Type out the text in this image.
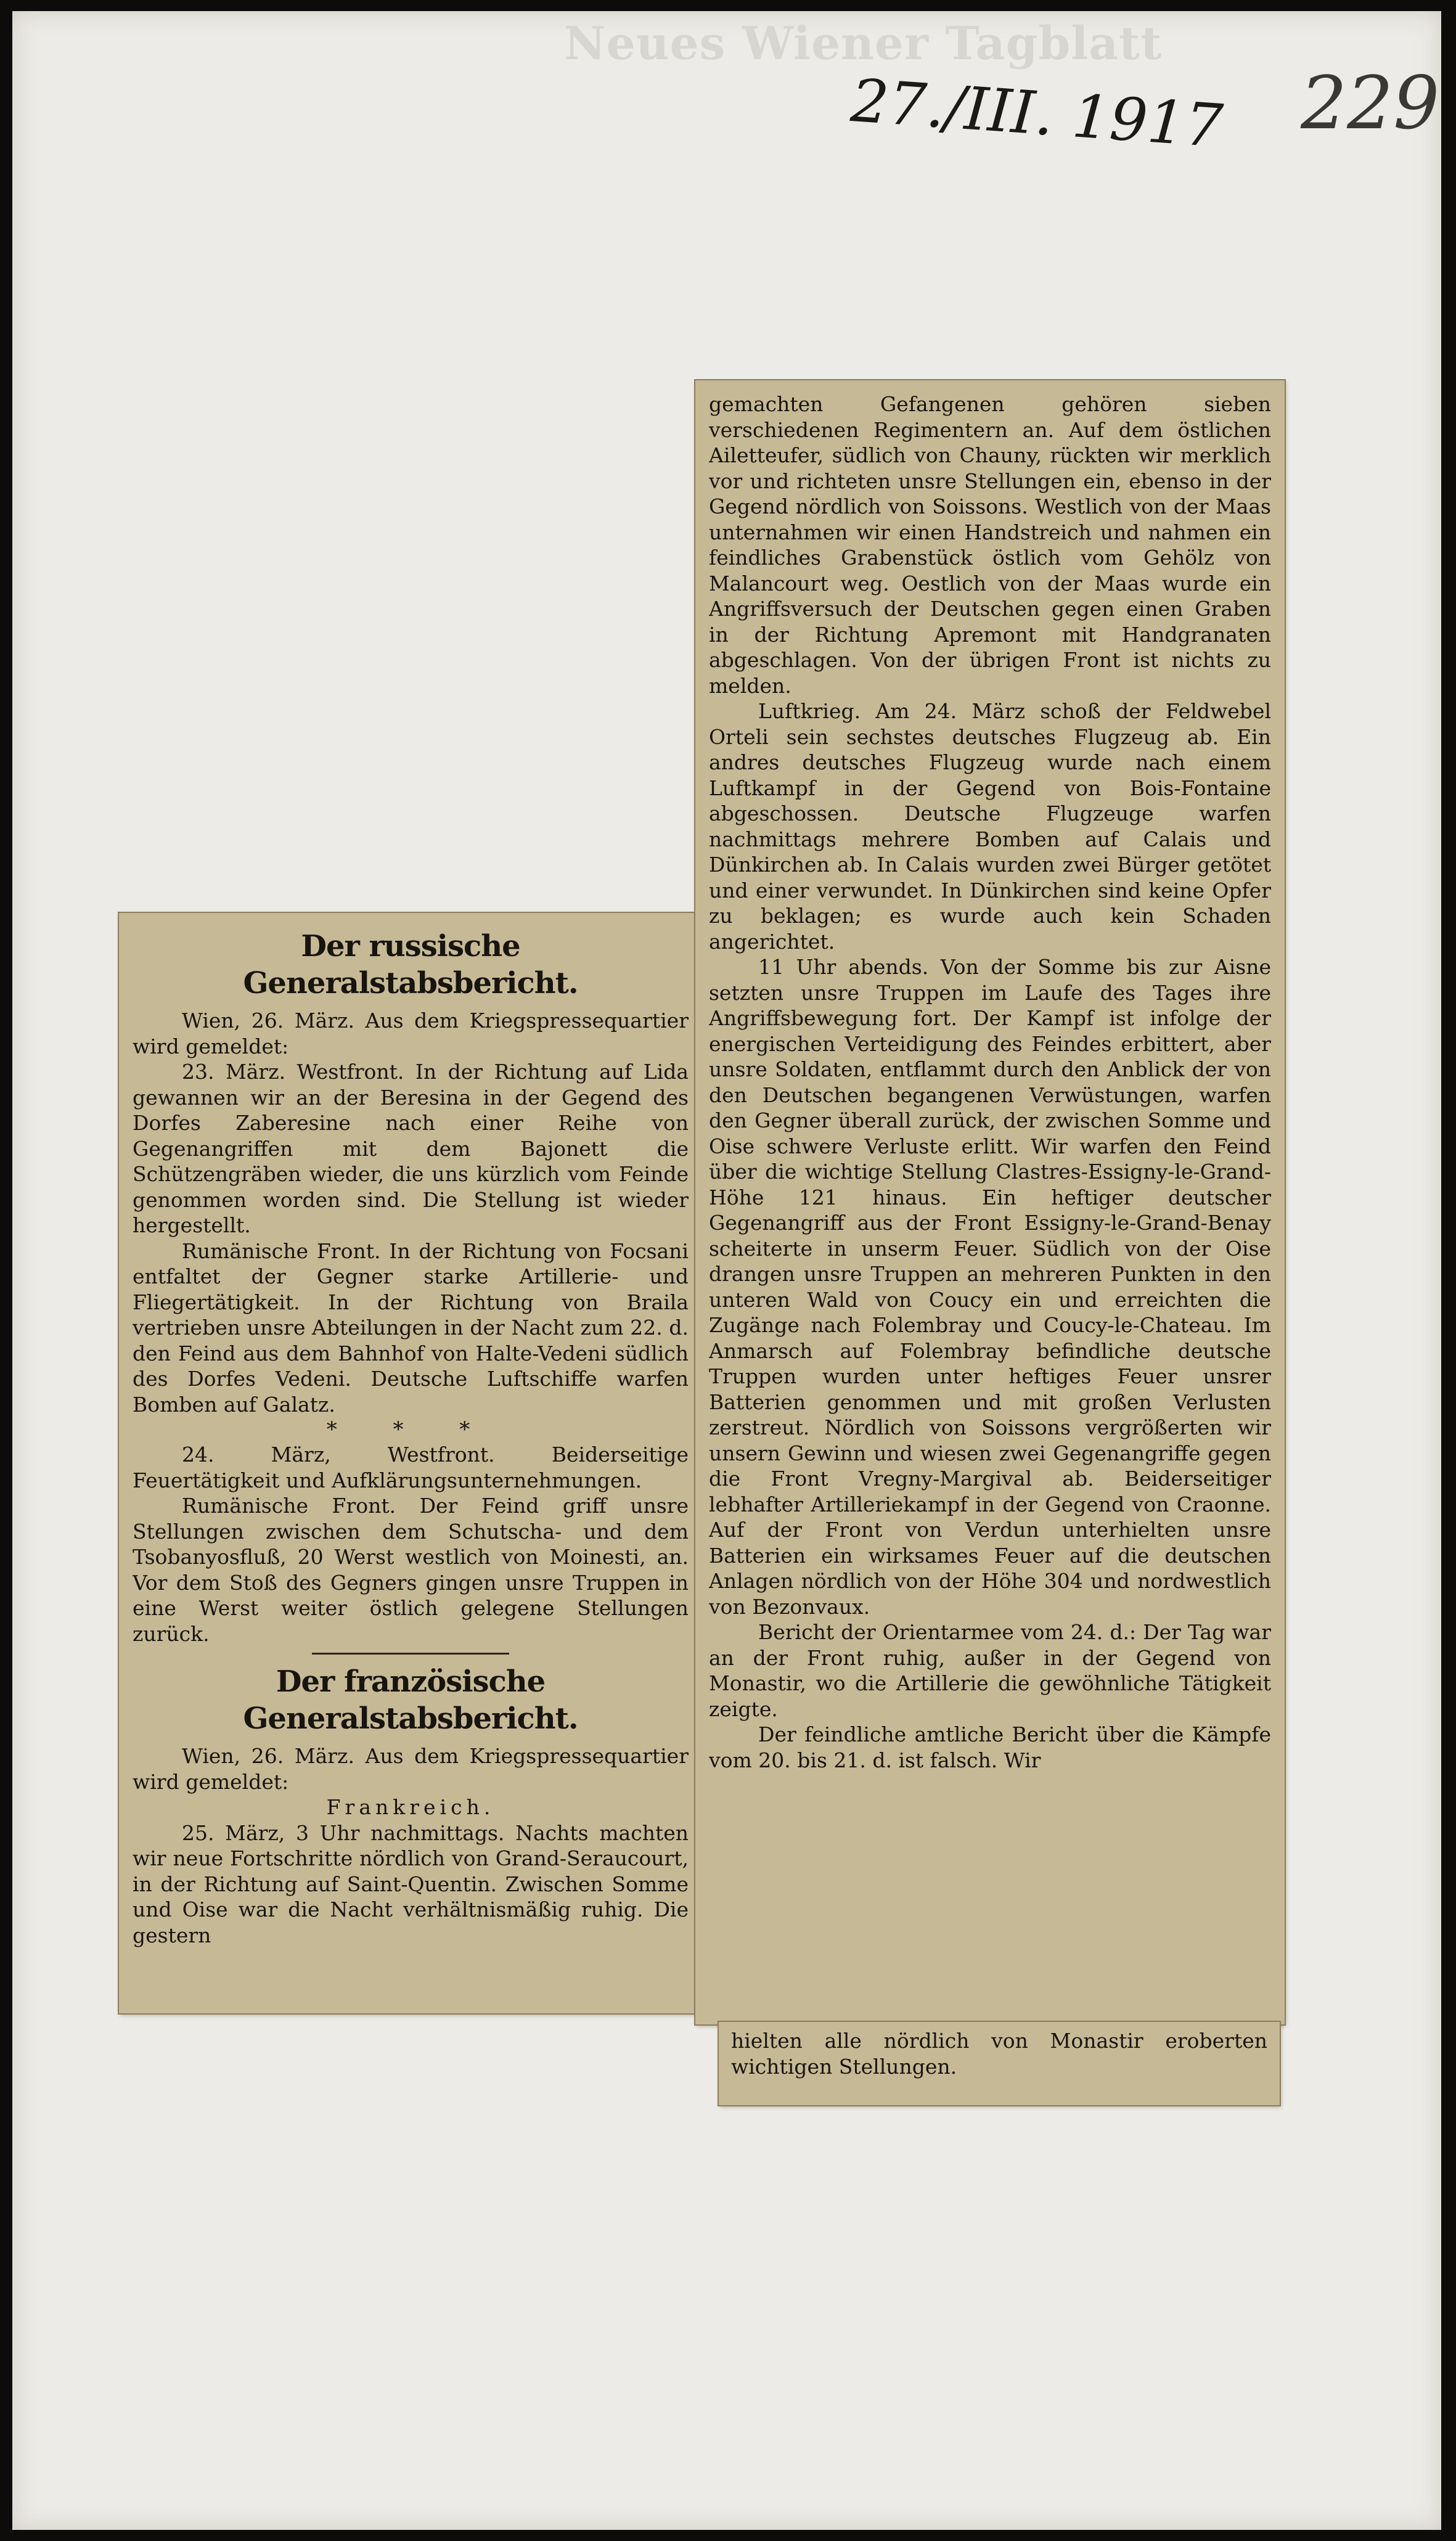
Neues Wiener Tagblatt
27./III. 1917 229
Der russische Generalstabsbericht.

Wien, 26. März. Aus dem Kriegspressequartier wird gemeldet:

23. März. Westfront. In der Richtung auf Lida gewannen wir an der Beresina in der Gegend des Dorfes Zaberesine nach einer Reihe von Gegenangriffen mit dem Bajonett die Schützengräben wieder, die uns kürzlich vom Feinde genommen worden sind. Die Stellung ist wieder hergestellt.

Rumänische Front. In der Richtung von Focsani entfaltet der Gegner starke Artillerie- und Fliegertätigkeit. In der Richtung von Braila vertrieben unsre Abteilungen in der Nacht zum 22. d. den Feind aus dem Bahnhof von Halte-Vedeni südlich des Dorfes Vedeni. Deutsche Luftschiffe warfen Bomben auf Galatz.

* * *

24. März, Westfront. Beiderseitige Feuertätigkeit und Aufklärungsunternehmungen.

Rumänische Front. Der Feind griff unsre Stellungen zwischen dem Schutscha- und dem Tsobanyosfluß, 20 Werst westlich von Moinesti, an. Vor dem Stoß des Gegners gingen unsre Truppen in eine Werst weiter östlich gelegene Stellungen zurück.

Der französische Generalstabsbericht.

Wien, 26. März. Aus dem Kriegspressequartier wird gemeldet:

Frankreich.

25. März, 3 Uhr nachmittags. Nachts machten wir neue Fortschritte nördlich von Grand-Seraucourt, in der Richtung auf Saint-Quentin. Zwischen Somme und Oise war die Nacht verhältnismäßig ruhig. Die gestern

gemachten Gefangenen gehören sieben verschiedenen Regimentern an. Auf dem östlichen Ailetteufer, südlich von Chauny, rückten wir merklich vor und richteten unsre Stellungen ein, ebenso in der Gegend nördlich von Soissons. Westlich von der Maas unternahmen wir einen Handstreich und nahmen ein feindliches Grabenstück östlich vom Gehölz von Malancourt weg. Oestlich von der Maas wurde ein Angriffsversuch der Deutschen gegen einen Graben in der Richtung Apremont mit Handgranaten abgeschlagen. Von der übrigen Front ist nichts zu melden.

Luftkrieg. Am 24. März schoß der Feldwebel Orteli sein sechstes deutsches Flugzeug ab. Ein andres deutsches Flugzeug wurde nach einem Luftkampf in der Gegend von Bois-Fontaine abgeschossen. Deutsche Flugzeuge warfen nachmittags mehrere Bomben auf Calais und Dünkirchen ab. In Calais wurden zwei Bürger getötet und einer verwundet. In Dünkirchen sind keine Opfer zu beklagen; es wurde auch kein Schaden angerichtet.

11 Uhr abends. Von der Somme bis zur Aisne setzten unsre Truppen im Laufe des Tages ihre Angriffsbewegung fort. Der Kampf ist infolge der energischen Verteidigung des Feindes erbittert, aber unsre Soldaten, entflammt durch den Anblick der von den Deutschen begangenen Verwüstungen, warfen den Gegner überall zurück, der zwischen Somme und Oise schwere Verluste erlitt. Wir warfen den Feind über die wichtige Stellung Clastres-Essigny-le-Grand-Höhe 121 hinaus. Ein heftiger deutscher Gegenangriff aus der Front Essigny-le-Grand-Benay scheiterte in unserm Feuer. Südlich von der Oise drangen unsre Truppen an mehreren Punkten in den unteren Wald von Coucy ein und erreichten die Zugänge nach Folembray und Coucy-le-Chateau. Im Anmarsch auf Folembray befindliche deutsche Truppen wurden unter heftiges Feuer unsrer Batterien genommen und mit großen Verlusten zerstreut. Nördlich von Soissons vergrößerten wir unsern Gewinn und wiesen zwei Gegenangriffe gegen die Front Vregny-Margival ab. Beiderseitiger lebhafter Artilleriekampf in der Gegend von Craonne. Auf der Front von Verdun unterhielten unsre Batterien ein wirksames Feuer auf die deutschen Anlagen nördlich von der Höhe 304 und nordwestlich von Bezonvaux.

Bericht der Orientarmee vom 24. d.: Der Tag war an der Front ruhig, außer in der Gegend von Monastir, wo die Artillerie die gewöhnliche Tätigkeit zeigte.

Der feindliche amtliche Bericht über die Kämpfe vom 20. bis 21. d. ist falsch. Wir

hielten alle nördlich von Monastir eroberten wichtigen Stellungen.
